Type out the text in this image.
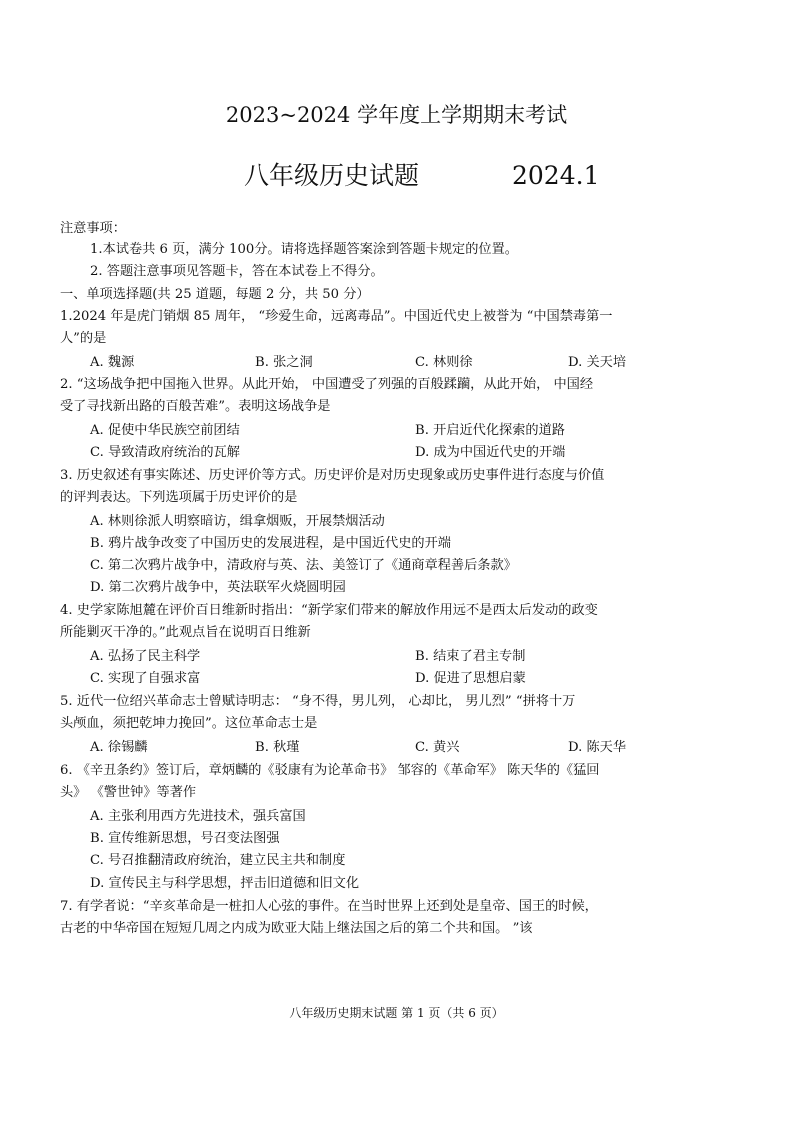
2023~2024 学年度上学期期末考试
八年级历史试题	2024.1
注意事项：
1.本试卷共 6 页，满分 100分。请将选择题答案涂到答题卡规定的位置。
2. 答题注意事项见答题卡，答在本试卷上不得分。
一、单项选择题(共 25 道题，每题 2 分，共 50 分）
1.2024 年是虎门销烟 85 周年， “珍爱生命，远离毒品”。中国近代史上被誉为 “中国禁毒第一
人”的是
A. 魏源	B. 张之洞	C. 林则徐	D. 关天培
2. “这场战争把中国拖入世界。从此开始， 中国遭受了列强的百般蹂躏，从此开始， 中国经
受了寻找新出路的百般苦难”。表明这场战争是
A. 促使中华民族空前团结	B. 开启近代化探索的道路
C. 导致清政府统治的瓦解	D. 成为中国近代史的开端
3. 历史叙述有事实陈述、历史评价等方式。历史评价是对历史现象或历史事件进行态度与价值
的评判表达。下列选项属于历史评价的是
A. 林则徐派人明察暗访，缉拿烟贩，开展禁烟活动
B. 鸦片战争改变了中国历史的发展进程，是中国近代史的开端
C. 第二次鸦片战争中，清政府与英、法、美签订了《通商章程善后条款》
D. 第二次鸦片战争中，英法联军火烧圆明园
4. 史学家陈旭麓在评价百日维新时指出：“新学家们带来的解放作用远不是西太后发动的政变
所能剿灭干净的。”此观点旨在说明百日维新
A. 弘扬了民主科学	B. 结束了君主专制
C. 实现了自强求富	D. 促进了思想启蒙
5. 近代一位绍兴革命志士曾赋诗明志： “身不得，男儿列， 心却比， 男儿烈” “拼将十万
头颅血，须把乾坤力挽回”。这位革命志士是
A. 徐锡麟	B. 秋瑾	C. 黄兴	D. 陈天华
6. 《辛丑条约》签订后，章炳麟的《驳康有为论革命书》 邹容的《革命军》 陈天华的《猛回
头》 《警世钟》等著作
A. 主张利用西方先进技术，强兵富国
B. 宣传维新思想，号召变法图强
C. 号召推翻清政府统治，建立民主共和制度
D. 宣传民主与科学思想，抨击旧道德和旧文化
7. 有学者说：“辛亥革命是一桩扣人心弦的事件。在当时世界上还到处是皇帝、国王的时候，
古老的中华帝国在短短几周之内成为欧亚大陆上继法国之后的第二个共和国。 ”该
八年级历史期末试题 第 1 页（共 6 页）
